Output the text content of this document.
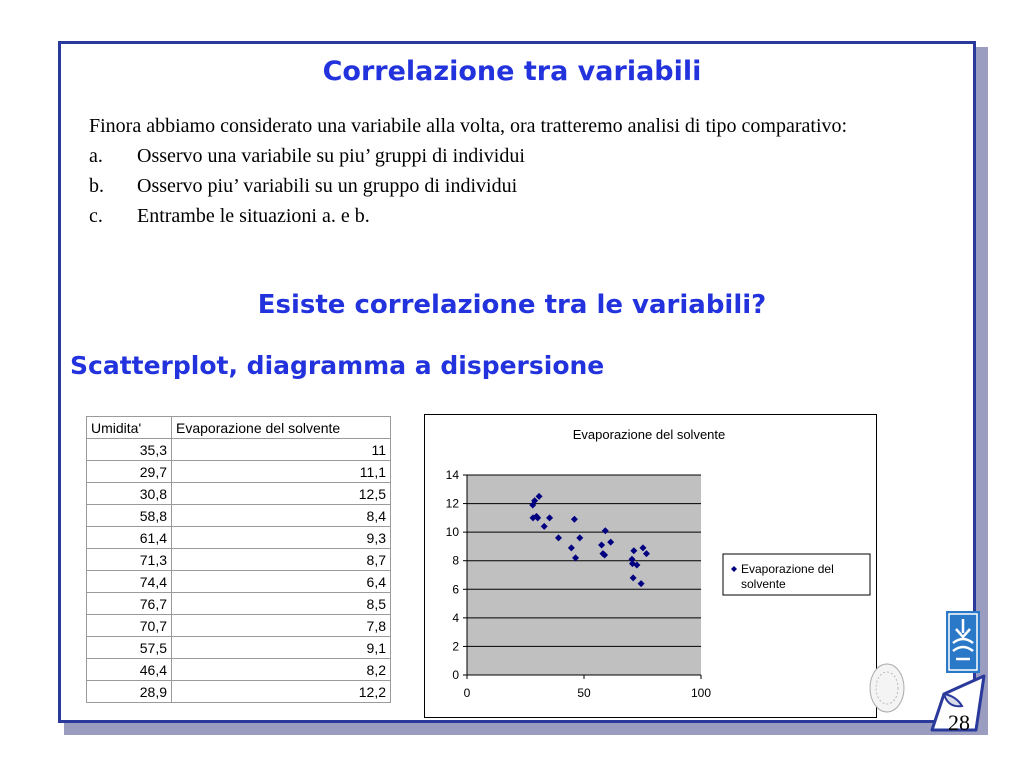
Correlazione tra variabili

Finora abbiamo considerato una variabile alla volta, ora tratteremo analisi di tipo comparativo:

a.	Osservo una variabile su piu’ gruppi di individui
b.	Osservo piu’ variabili su un gruppo di individui
c.	Entrambe le situazioni a. e b.
Esiste correlazione tra le variabili?
Scatterplot, diagramma a dispersione
Umidita'	Evaporazione del solvente
35,3	11
29,7	11,1
30,8	12,5
58,8	8,4
61,4	9,3
71,3	8,7
74,4	6,4
76,7	8,5
70,7	7,8
57,5	9,1
46,4	8,2
28,9	12,2
Evaporazione del solvente
0
2
4
6
8
10
12
14
0	50	100
Evaporazione del solvente
28
